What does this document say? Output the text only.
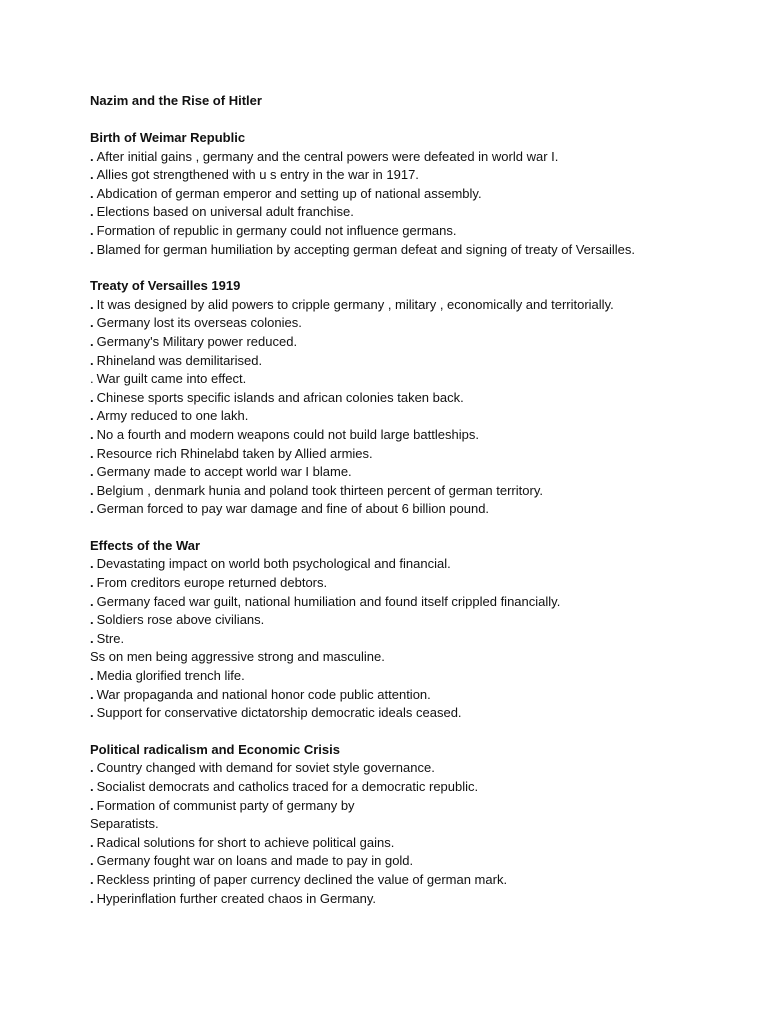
Nazim and the Rise of Hitler

Birth of Weimar Republic

. After initial gains , germany and the central powers were defeated in world war I.

. Allies got strengthened with u s entry in the war in 1917.

. Abdication of german emperor and setting up of national assembly.

. Elections based on universal adult franchise.

. Formation of republic in germany could not influence germans.

. Blamed for german humiliation by accepting german defeat and signing of treaty of Versailles.

Treaty of Versailles 1919

. It was designed by alid powers to cripple germany , military , economically and territorially.

. Germany lost its overseas colonies.

. Germany's Military power reduced.

. Rhineland was demilitarised.

. War guilt came into effect.

. Chinese sports specific islands and african colonies taken back.

. Army reduced to one lakh.

. No a fourth and modern weapons could not build large battleships.

. Resource rich Rhinelabd taken by Allied armies.

. Germany made to accept world war I blame.

. Belgium , denmark hunia and poland took thirteen percent of german territory.

. German forced to pay war damage and fine of about 6 billion pound.

Effects of the War

. Devastating impact on world both psychological and financial.

. From creditors europe returned debtors.

. Germany faced war guilt, national humiliation and found itself crippled financially.

. Soldiers rose above civilians.

. Stre.

Ss on men being aggressive strong and masculine.

. Media glorified trench life.

. War propaganda and national honor code public attention.

. Support for conservative dictatorship democratic ideals ceased.

Political radicalism and Economic Crisis

. Country changed with demand for soviet style governance.

. Socialist democrats and catholics traced for a democratic republic.

. Formation of communist party of germany by

Separatists.

. Radical solutions for short to achieve political gains.

. Germany fought war on loans and made to pay in gold.

. Reckless printing of paper currency declined the value of german mark.

. Hyperinflation further created chaos in Germany.
